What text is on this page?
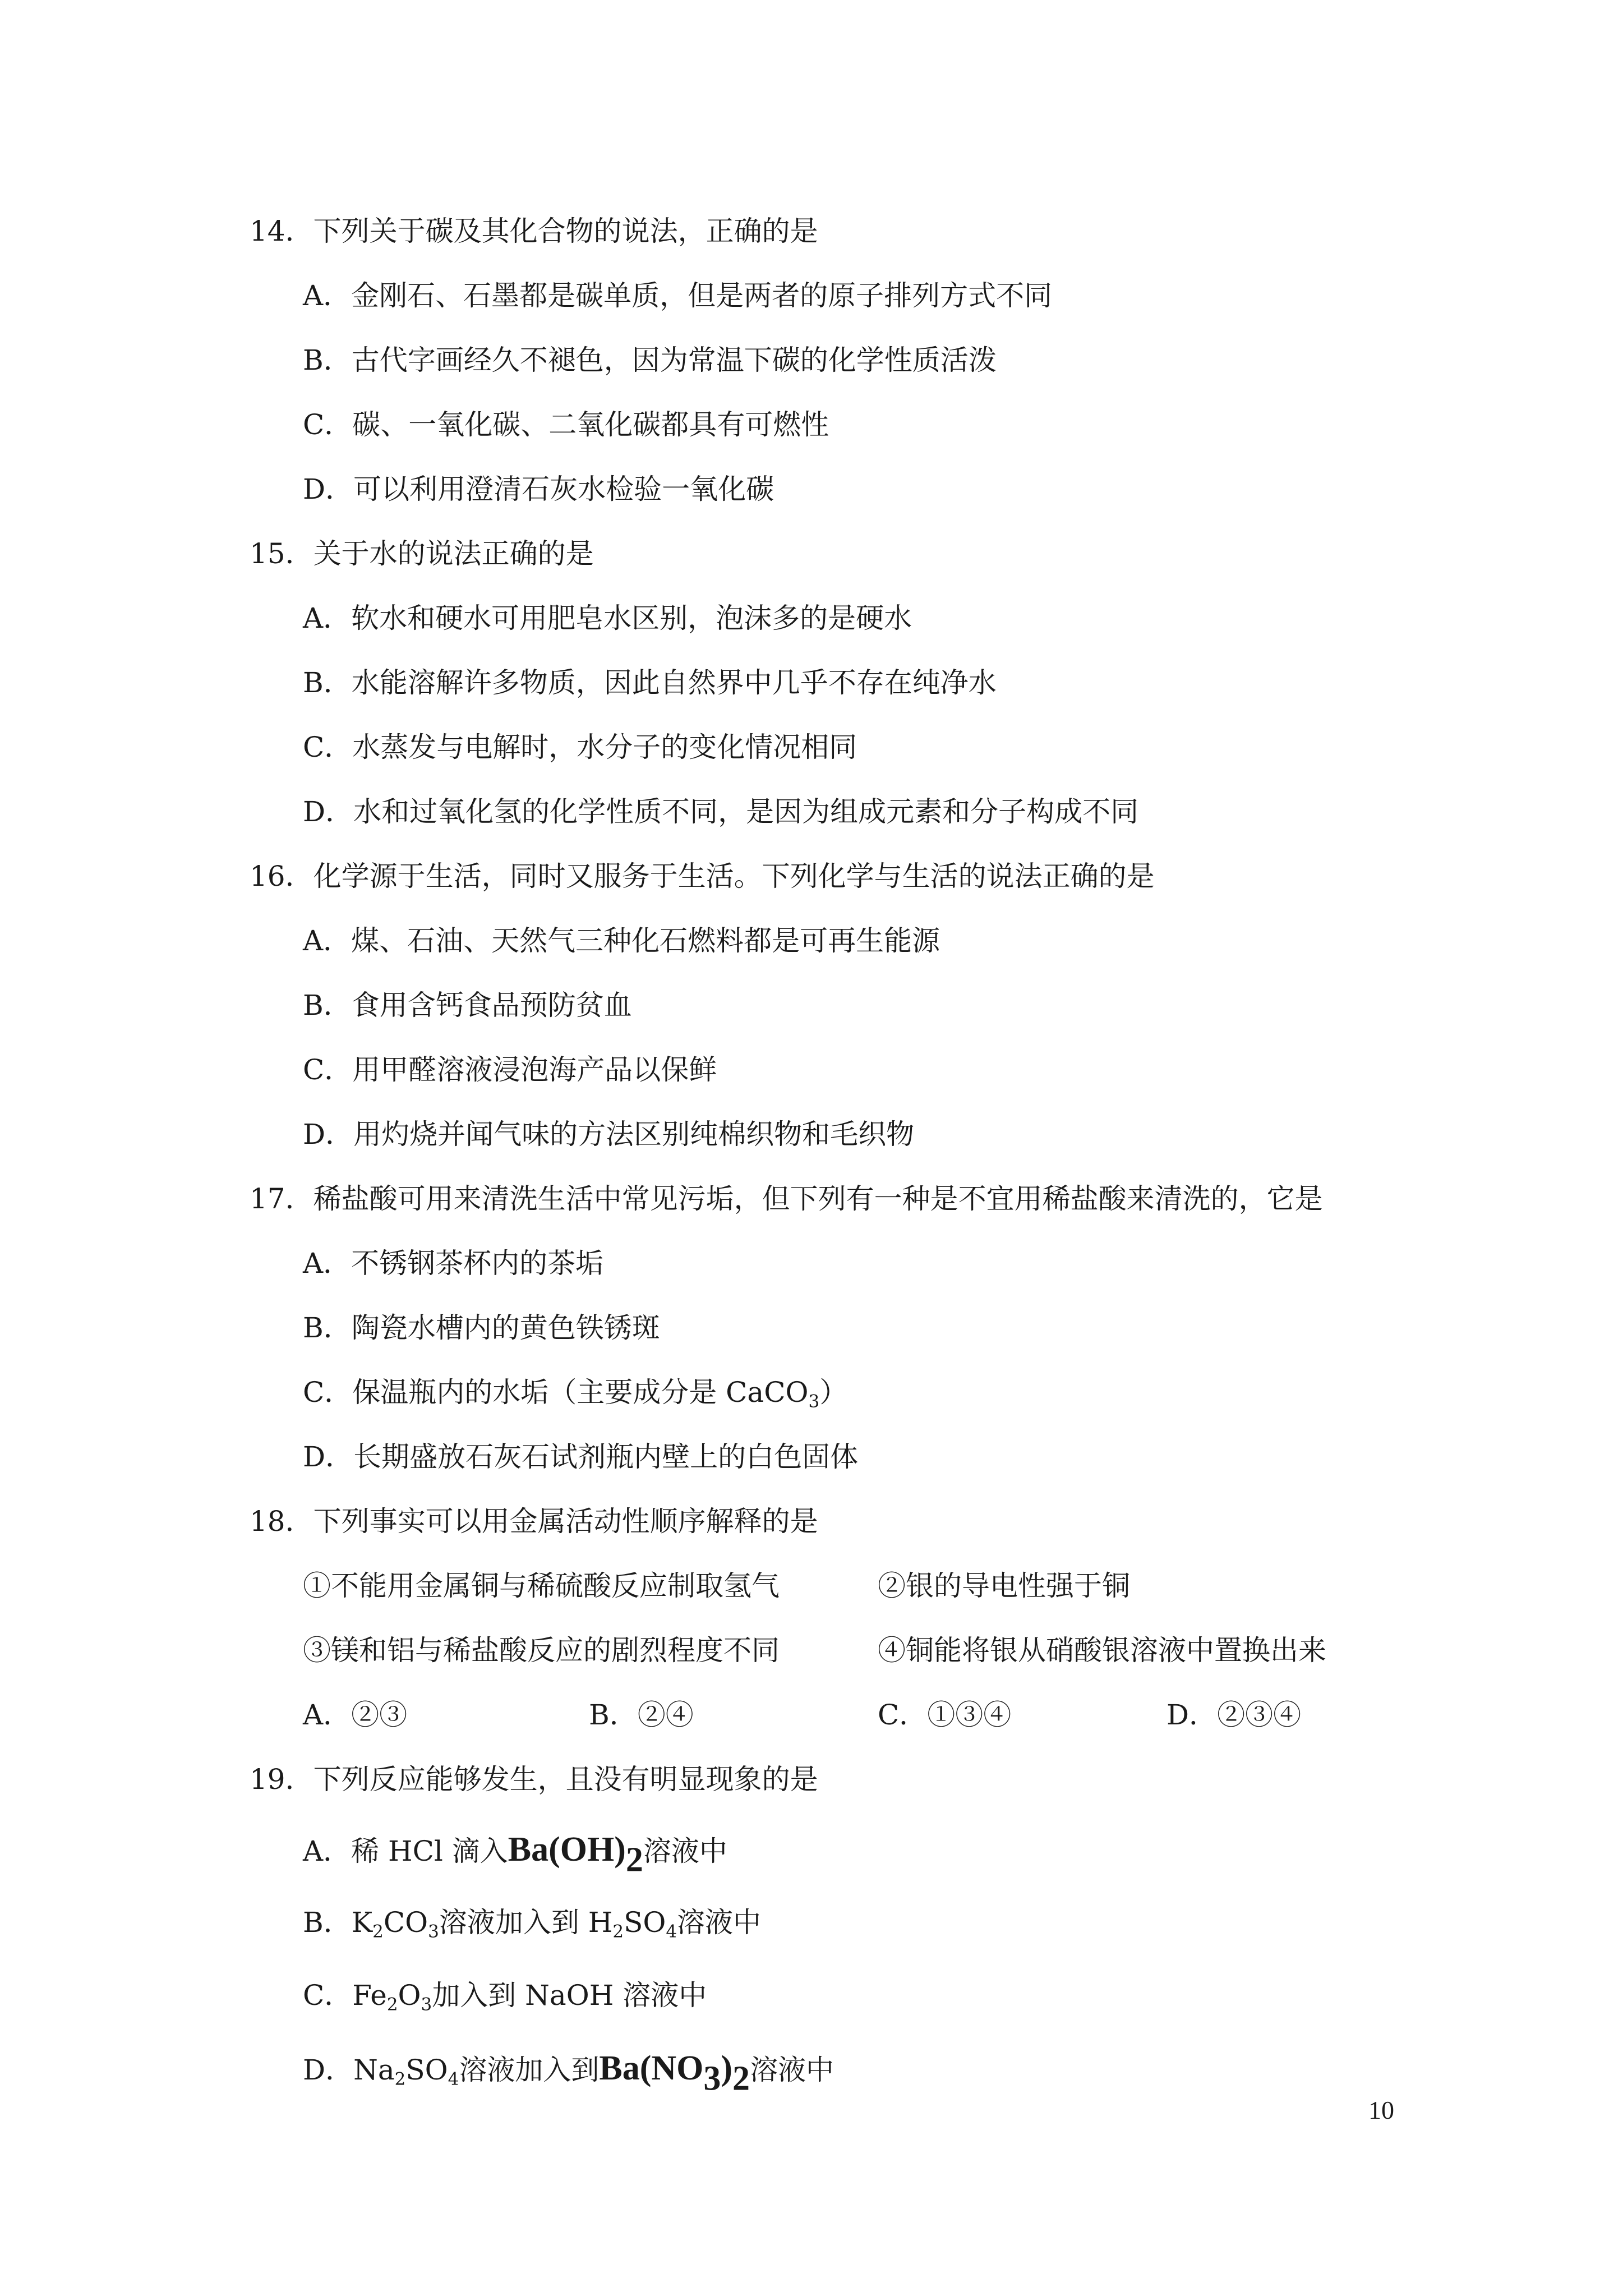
14．下列关于碳及其化合物的说法，正确的是
A．金刚石、石墨都是碳单质，但是两者的原子排列方式不同
B．古代字画经久不褪色，因为常温下碳的化学性质活泼
C．碳、一氧化碳、二氧化碳都具有可燃性
D．可以利用澄清石灰水检验一氧化碳
15．关于水的说法正确的是
A．软水和硬水可用肥皂水区别，泡沫多的是硬水
B．水能溶解许多物质，因此自然界中几乎不存在纯净水
C．水蒸发与电解时，水分子的变化情况相同
D．水和过氧化氢的化学性质不同，是因为组成元素和分子构成不同
16．化学源于生活，同时又服务于生活。下列化学与生活的说法正确的是
A．煤、石油、天然气三种化石燃料都是可再生能源
B．食用含钙食品预防贫血
C．用甲醛溶液浸泡海产品以保鲜
D．用灼烧并闻气味的方法区别纯棉织物和毛织物
17．稀盐酸可用来清洗生活中常见污垢，但下列有一种是不宜用稀盐酸来清洗的，它是
A．不锈钢茶杯内的茶垢
B．陶瓷水槽内的黄色铁锈斑
C．保温瓶内的水垢（主要成分是 CaCO$_3$）
D．长期盛放石灰石试剂瓶内壁上的白色固体
18．下列事实可以用金属活动性顺序解释的是
①不能用金属铜与稀硫酸反应制取氢气	②银的导电性强于铜
③镁和铝与稀盐酸反应的剧烈程度不同	④铜能将银从硝酸银溶液中置换出来
A．②③	B．②④	C．①③④	D．②③④
19．下列反应能够发生，且没有明显现象的是
A．稀 HCl 滴入$Ba(OH)_2$溶液中
B．$K_2CO_3$溶液加入到 $H_2SO_4$溶液中
C．$Fe_2O_3$加入到 NaOH 溶液中
D．$Na_2SO_4$溶液加入到$Ba(NO_3)_2$溶液中
10
